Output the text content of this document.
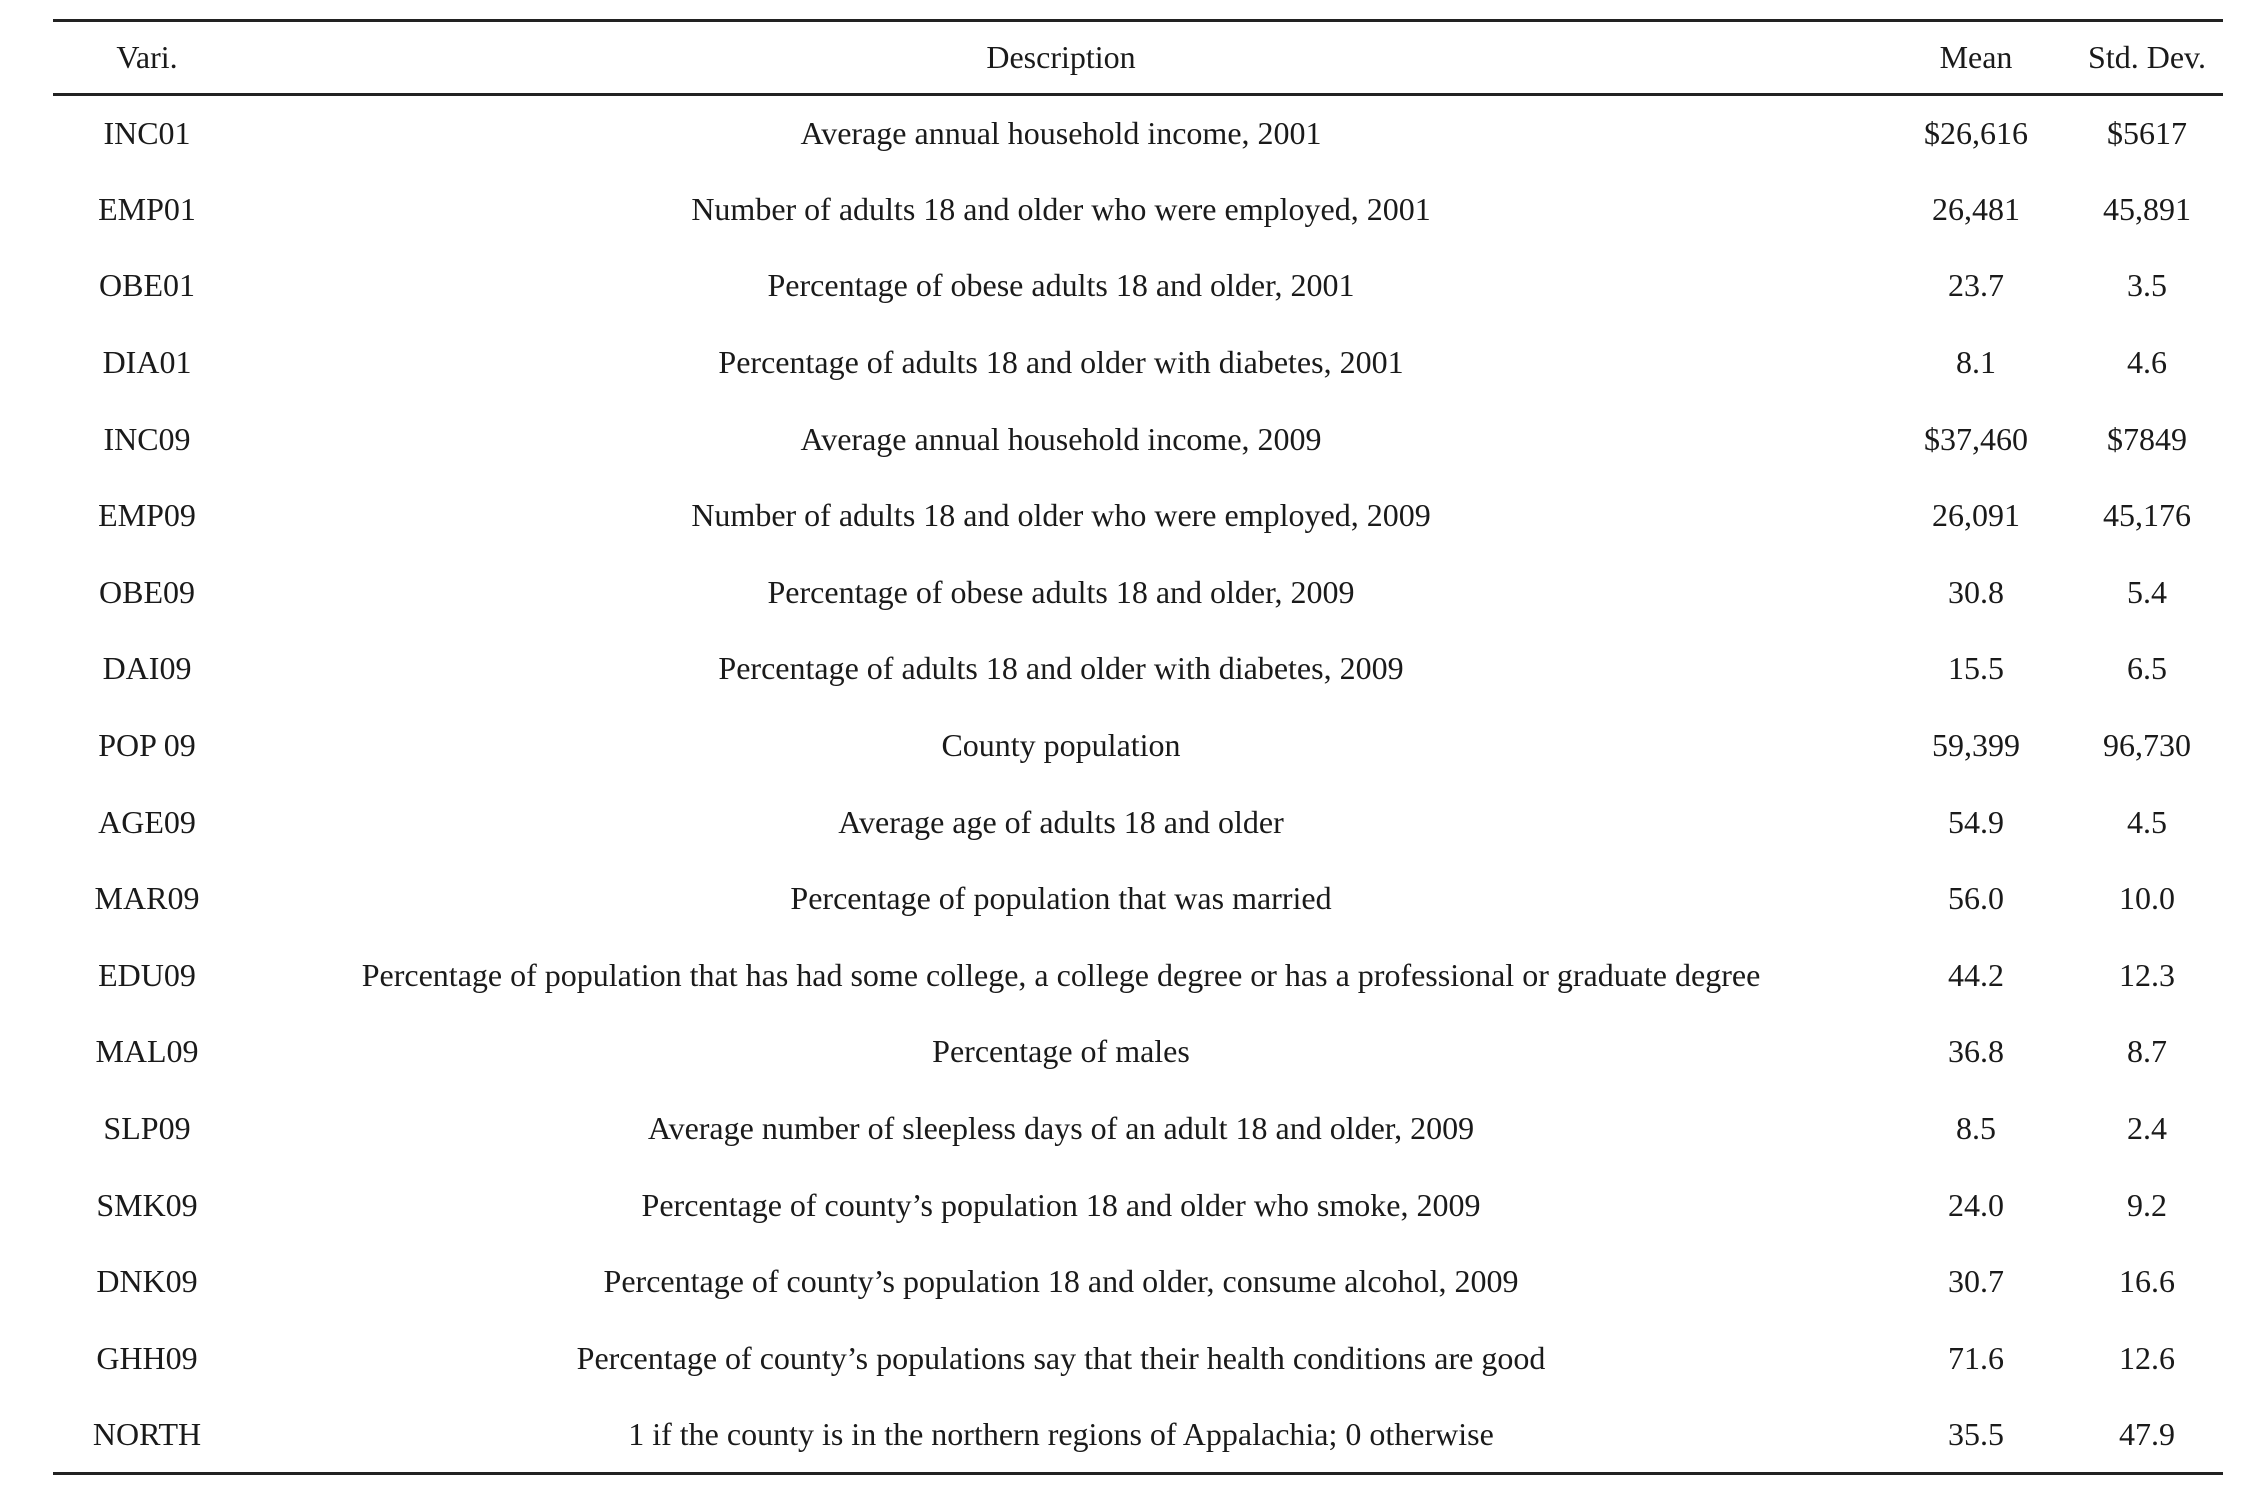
Vari.	Description	Mean	Std. Dev.
INC01	Average annual household income, 2001	$26,616	$5617
EMP01	Number of adults 18 and older who were employed, 2001	26,481	45,891
OBE01	Percentage of obese adults 18 and older, 2001	23.7	3.5
DIA01	Percentage of adults 18 and older with diabetes, 2001	8.1	4.6
INC09	Average annual household income, 2009	$37,460	$7849
EMP09	Number of adults 18 and older who were employed, 2009	26,091	45,176
OBE09	Percentage of obese adults 18 and older, 2009	30.8	5.4
DAI09	Percentage of adults 18 and older with diabetes, 2009	15.5	6.5
POP 09	County population	59,399	96,730
AGE09	Average age of adults 18 and older	54.9	4.5
MAR09	Percentage of population that was married	56.0	10.0
EDU09	Percentage of population that has had some college, a college degree or has a professional or graduate degree	44.2	12.3
MAL09	Percentage of males	36.8	8.7
SLP09	Average number of sleepless days of an adult 18 and older, 2009	8.5	2.4
SMK09	Percentage of county’s population 18 and older who smoke, 2009	24.0	9.2
DNK09	Percentage of county’s population 18 and older, consume alcohol, 2009	30.7	16.6
GHH09	Percentage of county’s populations say that their health conditions are good	71.6	12.6
NORTH	1 if the county is in the northern regions of Appalachia; 0 otherwise	35.5	47.9
